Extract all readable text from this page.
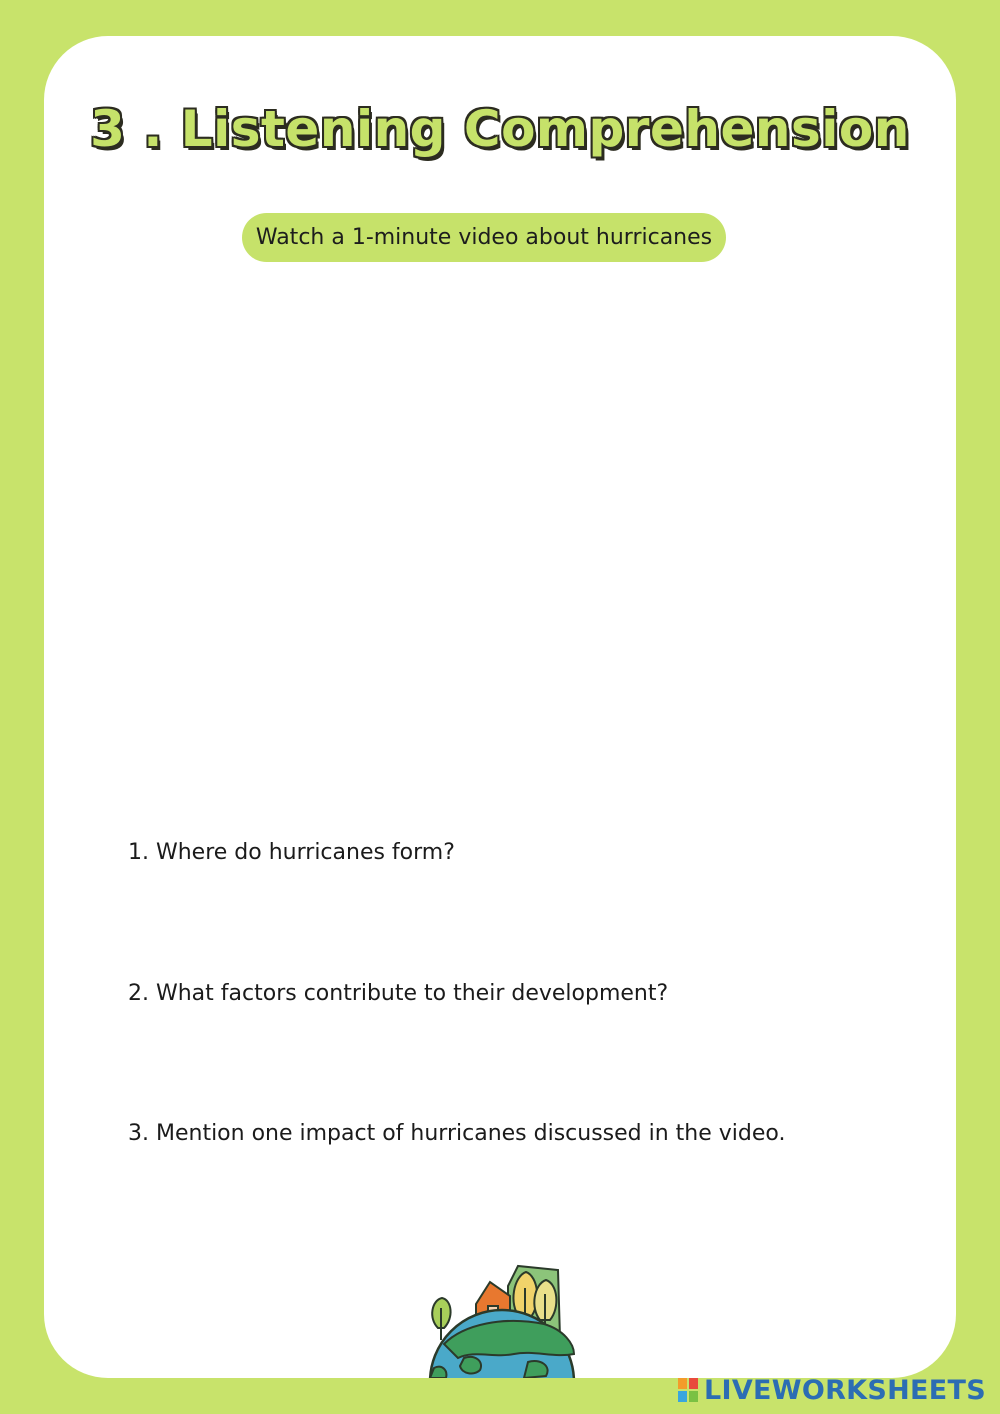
3 . Listening Comprehension
Watch a 1-minute video about hurricanes
1. Where do hurricanes form?
2. What factors contribute to their development?
3. Mention one impact of hurricanes discussed in the video.
LIVEWORKSHEETS
